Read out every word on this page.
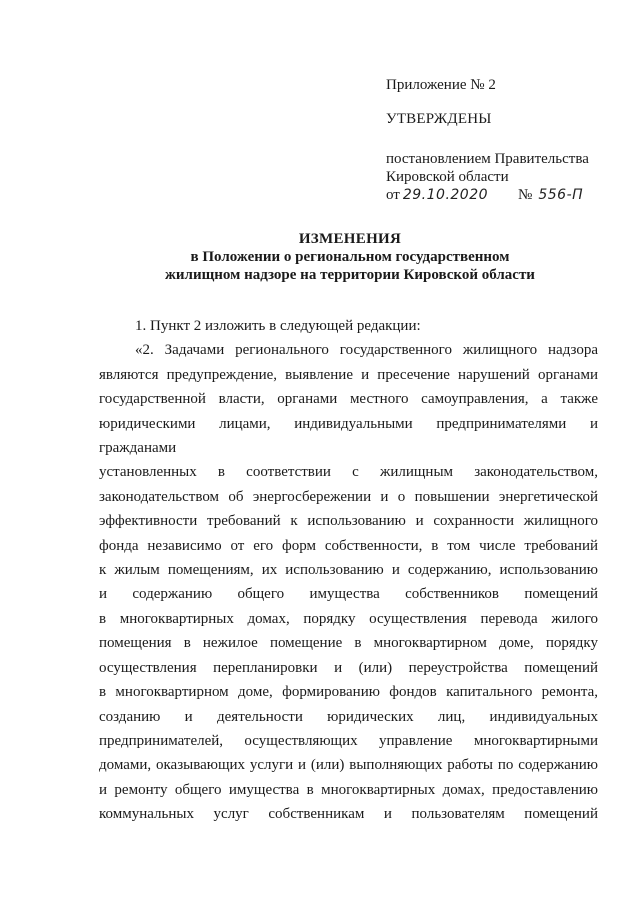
Приложение № 2

УТВЕРЖДЕНЫ

постановлением Правительства

Кировской области

от 29.10.2020 № 556-П

ИЗМЕНЕНИЯ
в Положении о региональном государственном
жилищном надзоре на территории Кировской области

1. Пункт 2 изложить в следующей редакции:

«2. Задачами регионального государственного жилищного надзора
являются предупреждение, выявление и пресечение нарушений органами
государственной власти, органами местного самоуправления, а также
юридическими лицами, индивидуальными предпринимателями и гражданами
установленных в соответствии с жилищным законодательством,
законодательством об энергосбережении и о повышении энергетической
эффективности требований к использованию и сохранности жилищного
фонда независимо от его форм собственности, в том числе требований
к жилым помещениям, их использованию и содержанию, использованию
и содержанию общего имущества собственников помещений
в многоквартирных домах, порядку осуществления перевода жилого
помещения в нежилое помещение в многоквартирном доме, порядку
осуществления перепланировки и (или) переустройства помещений
в многоквартирном доме, формированию фондов капитального ремонта,
созданию и деятельности юридических лиц, индивидуальных
предпринимателей, осуществляющих управление многоквартирными
домами, оказывающих услуги и (или) выполняющих работы по содержанию
и ремонту общего имущества в многоквартирных домах, предоставлению
коммунальных услуг собственникам и пользователям помещений
